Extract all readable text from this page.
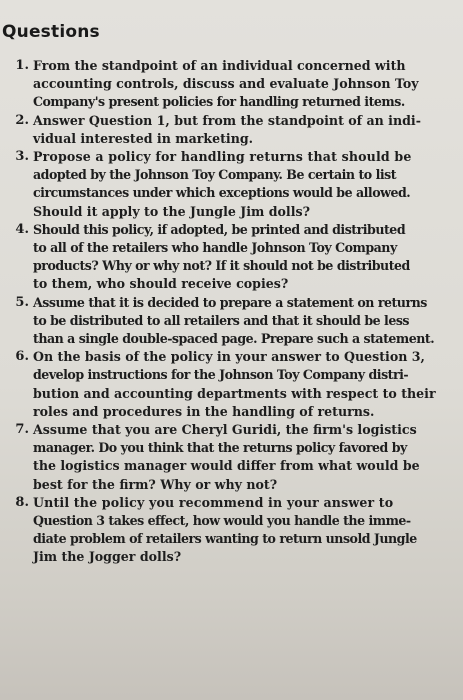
Questions
1. From the standpoint of an individual concerned with
accounting controls, discuss and evaluate Johnson Toy
Company's present policies for handling returned items.
2. Answer Question 1, but from the standpoint of an indi-
vidual interested in marketing.
3. Propose a policy for handling returns that should be
adopted by the Johnson Toy Company. Be certain to list
circumstances under which exceptions would be allowed.
Should it apply to the Jungle Jim dolls?
4. Should this policy, if adopted, be printed and distributed
to all of the retailers who handle Johnson Toy Company
products? Why or why not? If it should not be distributed
to them, who should receive copies?
5. Assume that it is decided to prepare a statement on returns
to be distributed to all retailers and that it should be less
than a single double-spaced page. Prepare such a statement.
6. On the basis of the policy in your answer to Question 3,
develop instructions for the Johnson Toy Company distri-
bution and accounting departments with respect to their
roles and procedures in the handling of returns.
7. Assume that you are Cheryl Guridi, the firm's logistics
manager. Do you think that the returns policy favored by
the logistics manager would differ from what would be
best for the firm? Why or why not?
8. Until the policy you recommend in your answer to
Question 3 takes effect, how would you handle the imme-
diate problem of retailers wanting to return unsold Jungle
Jim the Jogger dolls?
